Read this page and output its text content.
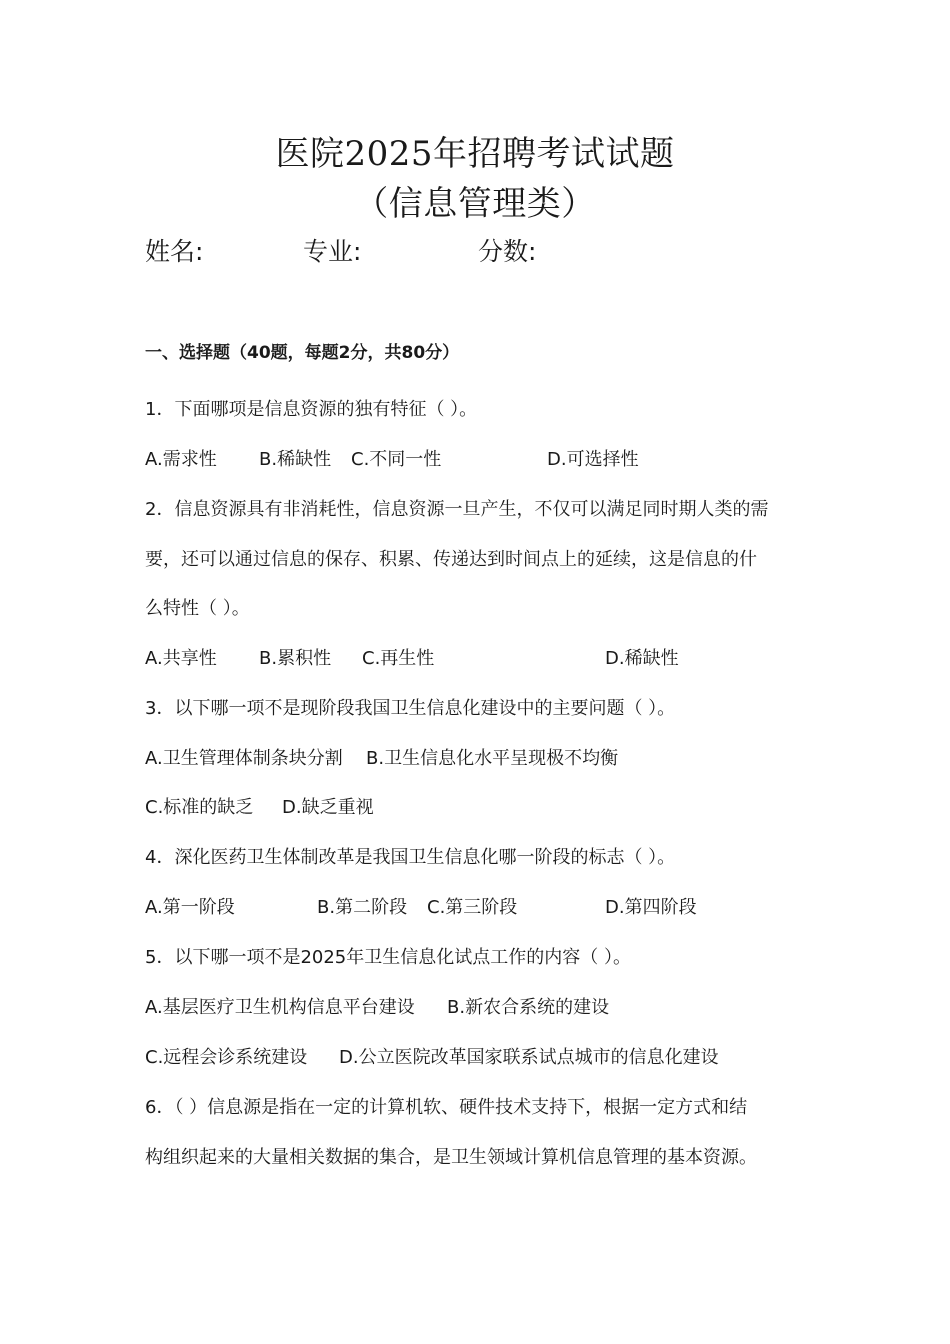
医院2025年招聘考试试题
（信息管理类）
姓名:	专业:	分数:
一、选择题（40题，每题2分，共80分）
1．下面哪项是信息资源的独有特征（ ）。
A.需求性 B.稀缺性 C.不同一性	D.可选择性
2．信息资源具有非消耗性，信息资源一旦产生，不仅可以满足同时期人类的需
要，还可以通过信息的保存、积累、传递达到时间点上的延续，这是信息的什
么特性（ ）。
A.共享性 B.累积性 C.再生性	D.稀缺性
3．以下哪一项不是现阶段我国卫生信息化建设中的主要问题（ ）。
A.卫生管理体制条块分割 B.卫生信息化水平呈现极不均衡
C.标准的缺乏 D.缺乏重视
4．深化医药卫生体制改革是我国卫生信息化哪一阶段的标志（ ）。
A.第一阶段	B.第二阶段 C.第三阶段	D.第四阶段
5．以下哪一项不是2025年卫生信息化试点工作的内容（ ）。
A.基层医疗卫生机构信息平台建设 B.新农合系统的建设
C.远程会诊系统建设 D.公立医院改革国家联系试点城市的信息化建设
6．（ ）信息源是指在一定的计算机软、硬件技术支持下，根据一定方式和结
构组织起来的大量相关数据的集合，是卫生领域计算机信息管理的基本资源。
